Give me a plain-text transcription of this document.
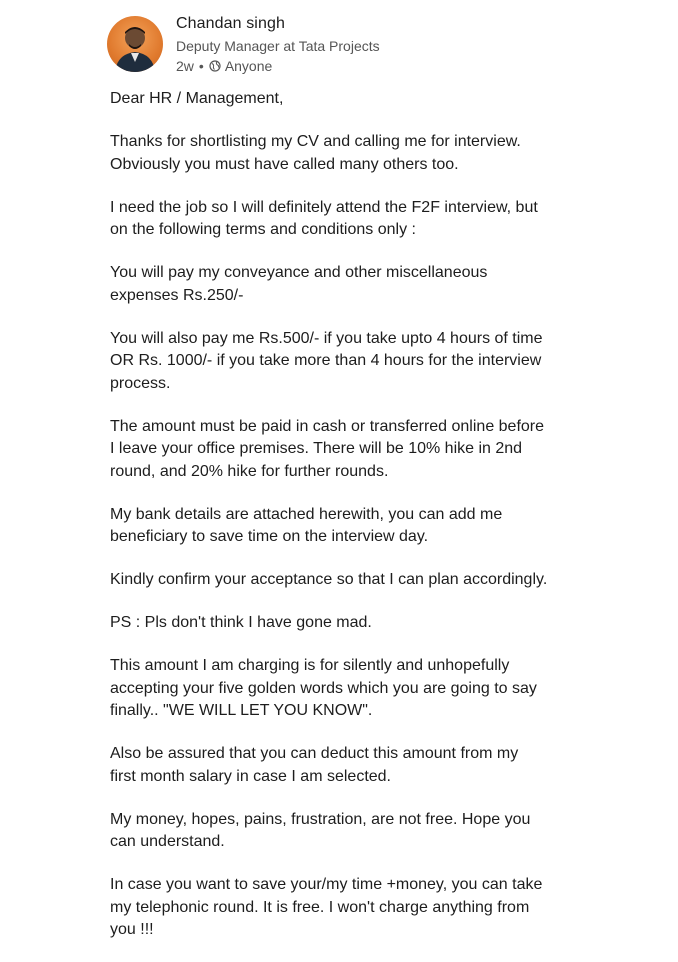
Chandan singh
Deputy Manager at Tata Projects
2w • Anyone

Dear HR / Management,

Thanks for shortlisting my CV and calling me for interview.
Obviously you must have called many others too.

I need the job so I will definitely attend the F2F interview, but
on the following terms and conditions only :

You will pay my conveyance and other miscellaneous
expenses Rs.250/-

You will also pay me Rs.500/- if you take upto 4 hours of time
OR Rs. 1000/- if you take more than 4 hours for the interview
process.

The amount must be paid in cash or transferred online before
I leave your office premises. There will be 10% hike in 2nd
round, and 20% hike for further rounds.

My bank details are attached herewith, you can add me
beneficiary to save time on the interview day.

Kindly confirm your acceptance so that I can plan accordingly.

PS : Pls don't think I have gone mad.

This amount I am charging is for silently and unhopefully
accepting your five golden words which you are going to say
finally.. "WE WILL LET YOU KNOW".

Also be assured that you can deduct this amount from my
first month salary in case I am selected.

My money, hopes, pains, frustration, are not free. Hope you
can understand.

In case you want to save your/my time +money, you can take
my telephonic round. It is free. I won't charge anything from
you !!!
